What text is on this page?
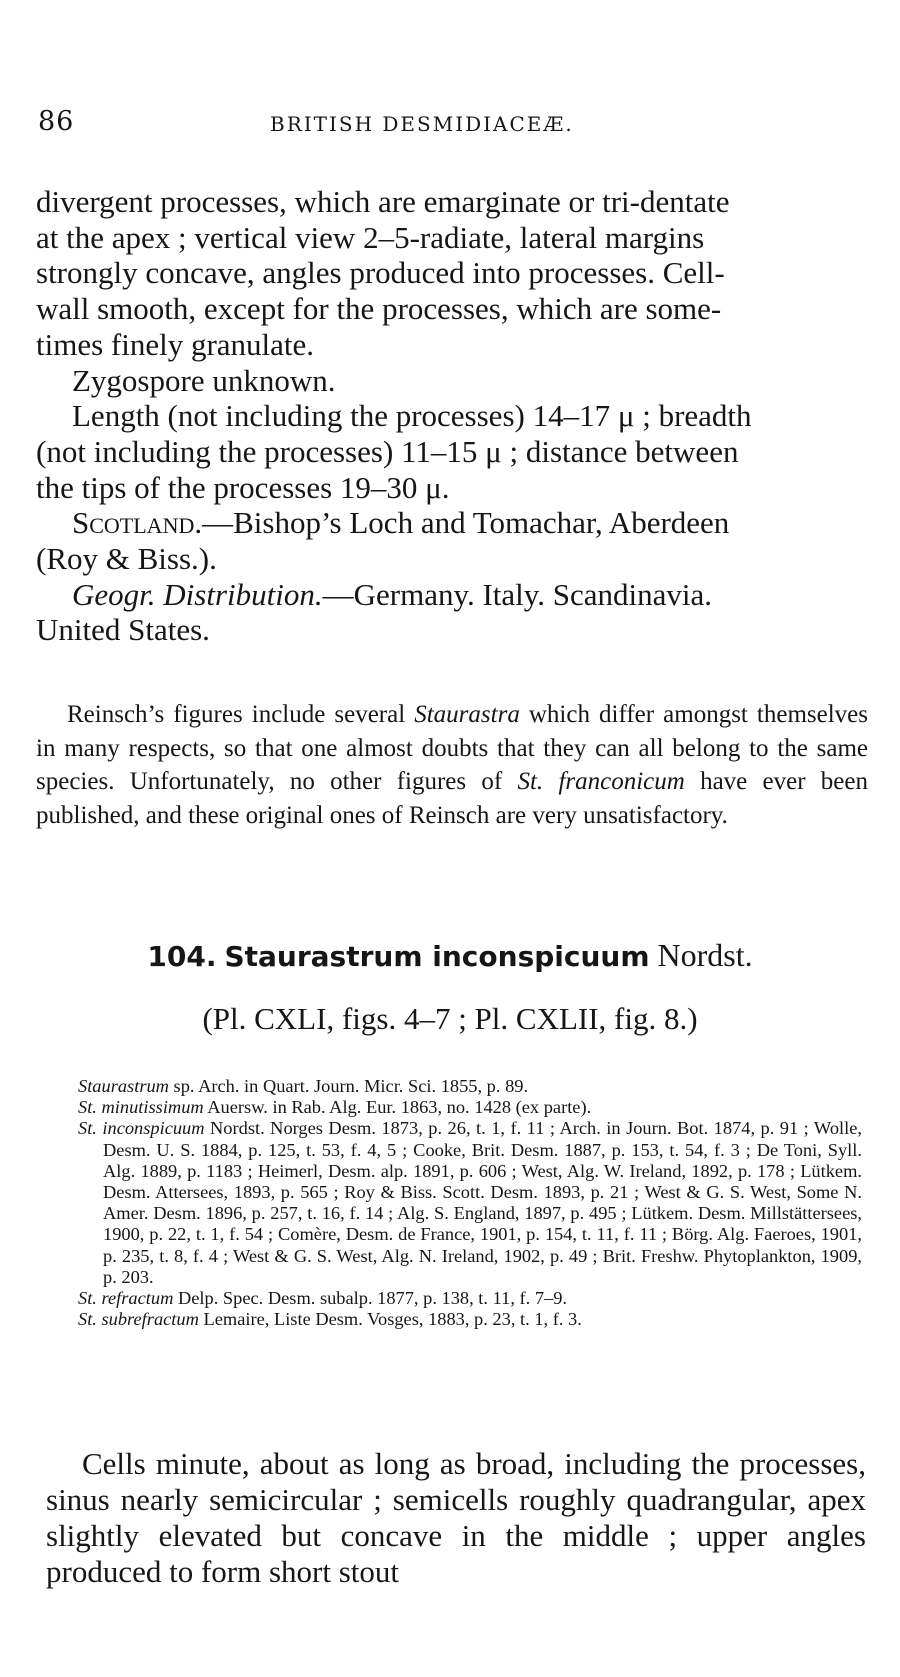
86	BRITISH DESMIDIACEÆ.
divergent processes, which are emarginate or tri-dentate
at the apex ; vertical view 2–5-radiate, lateral margins
strongly concave, angles produced into processes. Cell-
wall smooth, except for the processes, which are some-
times finely granulate.
Zygospore unknown.
Length (not including the processes) 14–17 μ ; breadth
(not including the processes) 11–15 μ ; distance between
the tips of the processes 19–30 μ.
Scotland.—Bishop’s Loch and Tomachar, Aberdeen
(Roy & Biss.).
Geogr. Distribution.—Germany. Italy. Scandinavia.
United States.

Reinsch’s figures include several Staurastra which differ amongst themselves in many respects, so that one almost doubts that they can all belong to the same species. Unfortunately, no other figures of St. franconicum have ever been published, and these original ones of Reinsch are very unsatisfactory.

104. Staurastrum inconspicuum Nordst.
(Pl. CXLI, figs. 4–7 ; Pl. CXLII, fig. 8.)
Staurastrum sp. Arch. in Quart. Journ. Micr. Sci. 1855, p. 89.
St. minutissimum Auersw. in Rab. Alg. Eur. 1863, no. 1428 (ex parte).
St. inconspicuum Nordst. Norges Desm. 1873, p. 26, t. 1, f. 11 ; Arch. in Journ. Bot. 1874, p. 91 ; Wolle, Desm. U. S. 1884, p. 125, t. 53, f. 4, 5 ; Cooke, Brit. Desm. 1887, p. 153, t. 54, f. 3 ; De Toni, Syll. Alg. 1889, p. 1183 ; Heimerl, Desm. alp. 1891, p. 606 ; West, Alg. W. Ireland, 1892, p. 178 ; Lütkem. Desm. Attersees, 1893, p. 565 ; Roy & Biss. Scott. Desm. 1893, p. 21 ; West & G. S. West, Some N. Amer. Desm. 1896, p. 257, t. 16, f. 14 ; Alg. S. England, 1897, p. 495 ; Lütkem. Desm. Millstättersees, 1900, p. 22, t. 1, f. 54 ; Comère, Desm. de France, 1901, p. 154, t. 11, f. 11 ; Börg. Alg. Faeroes, 1901, p. 235, t. 8, f. 4 ; West & G. S. West, Alg. N. Ireland, 1902, p. 49 ; Brit. Freshw. Phytoplankton, 1909, p. 203.
St. refractum Delp. Spec. Desm. subalp. 1877, p. 138, t. 11, f. 7–9.
St. subrefractum Lemaire, Liste Desm. Vosges, 1883, p. 23, t. 1, f. 3.
Cells minute, about as long as broad, including the processes, sinus nearly semicircular ; semicells roughly quadrangular, apex slightly elevated but concave in the middle ; upper angles produced to form short stout
